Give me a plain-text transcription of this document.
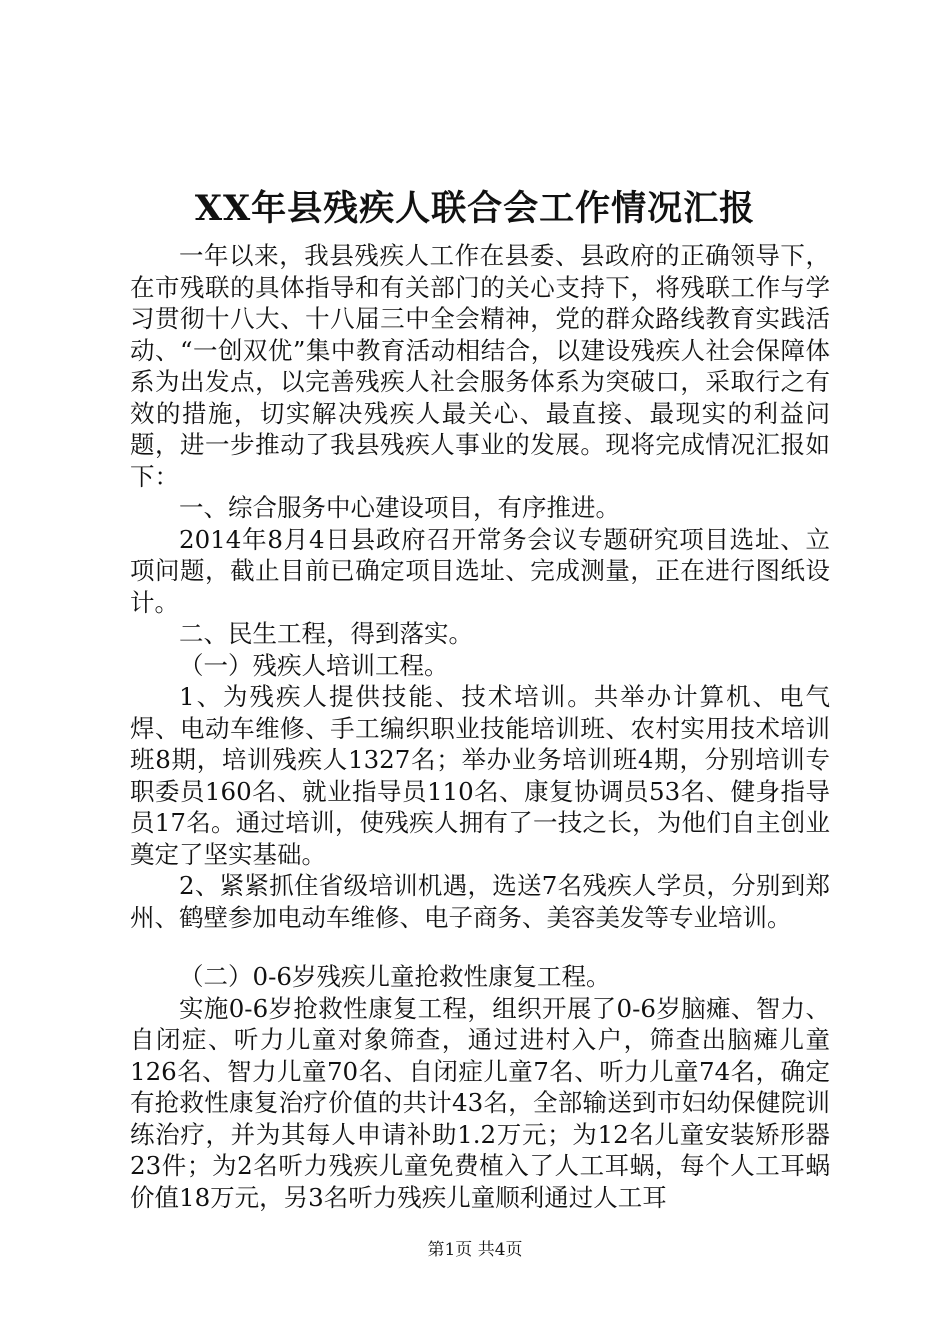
XX年县残疾人联合会工作情况汇报

一年以来，我县残疾人工作在县委、县政府的正确领导下，在市残联的具体指导和有关部门的关心支持下，将残联工作与学习贯彻十八大、十八届三中全会精神，党的群众路线教育实践活动、“一创双优”集中教育活动相结合，以建设残疾人社会保障体系为出发点，以完善残疾人社会服务体系为突破口，采取行之有效的措施，切实解决残疾人最关心、最直接、最现实的利益问题，进一步推动了我县残疾人事业的发展。现将完成情况汇报如下：

一、综合服务中心建设项目，有序推进。

2014年8月4日县政府召开常务会议专题研究项目选址、立项问题，截止目前已确定项目选址、完成测量，正在进行图纸设计。

二、民生工程，得到落实。

（一）残疾人培训工程。

1、为残疾人提供技能、技术培训。共举办计算机、电气焊、电动车维修、手工编织职业技能培训班、农村实用技术培训班8期，培训残疾人1327名；举办业务培训班4期，分别培训专职委员160名、就业指导员110名、康复协调员53名、健身指导员17名。通过培训，使残疾人拥有了一技之长，为他们自主创业奠定了坚实基础。

2、紧紧抓住省级培训机遇，选送7名残疾人学员，分别到郑州、鹤壁参加电动车维修、电子商务、美容美发等专业培训。

（二）0-6岁残疾儿童抢救性康复工程。

实施0-6岁抢救性康复工程，组织开展了0-6岁脑瘫、智力、自闭症、听力儿童对象筛查，通过进村入户，筛查出脑瘫儿童126名、智力儿童70名、自闭症儿童7名、听力儿童74名，确定有抢救性康复治疗价值的共计43名，全部输送到市妇幼保健院训练治疗，并为其每人申请补助1.2万元；为12名儿童安装矫形器23件；为2名听力残疾儿童免费植入了人工耳蜗，每个人工耳蜗价值18万元，另3名听力残疾儿童顺利通过人工耳

第1页 共4页
